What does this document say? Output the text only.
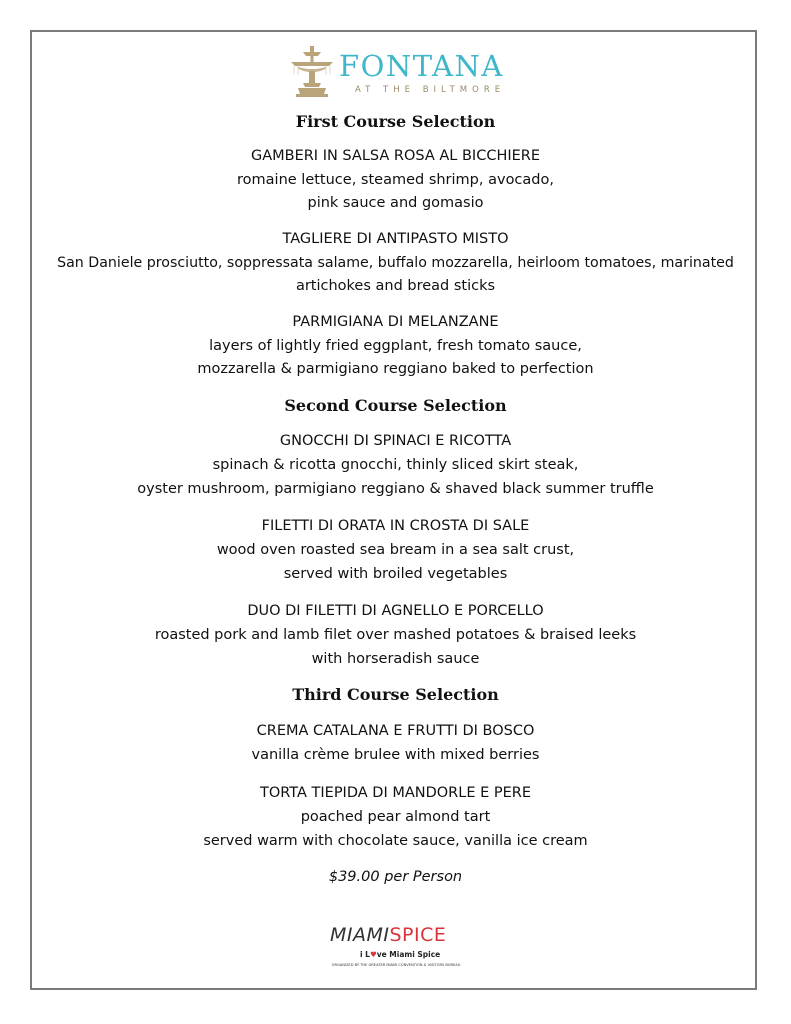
FONTANA
AT THE BILTMORE
First Course Selection
GAMBERI IN SALSA ROSA AL BICCHIERE
romaine lettuce, steamed shrimp, avocado,
pink sauce and gomasio
TAGLIERE DI ANTIPASTO MISTO
San Daniele prosciutto, soppressata salame, buffalo mozzarella, heirloom tomatoes, marinated
artichokes and bread sticks
PARMIGIANA DI MELANZANE
layers of lightly fried eggplant, fresh tomato sauce,
mozzarella & parmigiano reggiano baked to perfection
Second Course Selection
GNOCCHI DI SPINACI E RICOTTA
spinach & ricotta gnocchi, thinly sliced skirt steak,
oyster mushroom, parmigiano reggiano & shaved black summer truffle
FILETTI DI ORATA IN CROSTA DI SALE
wood oven roasted sea bream in a sea salt crust,
served with broiled vegetables
DUO DI FILETTI DI AGNELLO E PORCELLO
roasted pork and lamb filet over mashed potatoes & braised leeks
with horseradish sauce
Third Course Selection
CREMA CATALANA E FRUTTI DI BOSCO
vanilla crème brulee with mixed berries
TORTA TIEPIDA DI MANDORLE E PERE
poached pear almond tart
served warm with chocolate sauce, vanilla ice cream
$39.00 per Person
MIAMISPICE
i L♥ve Miami Spice
ORGANIZED BY THE GREATER MIAMI CONVENTION & VISITORS BUREAU
